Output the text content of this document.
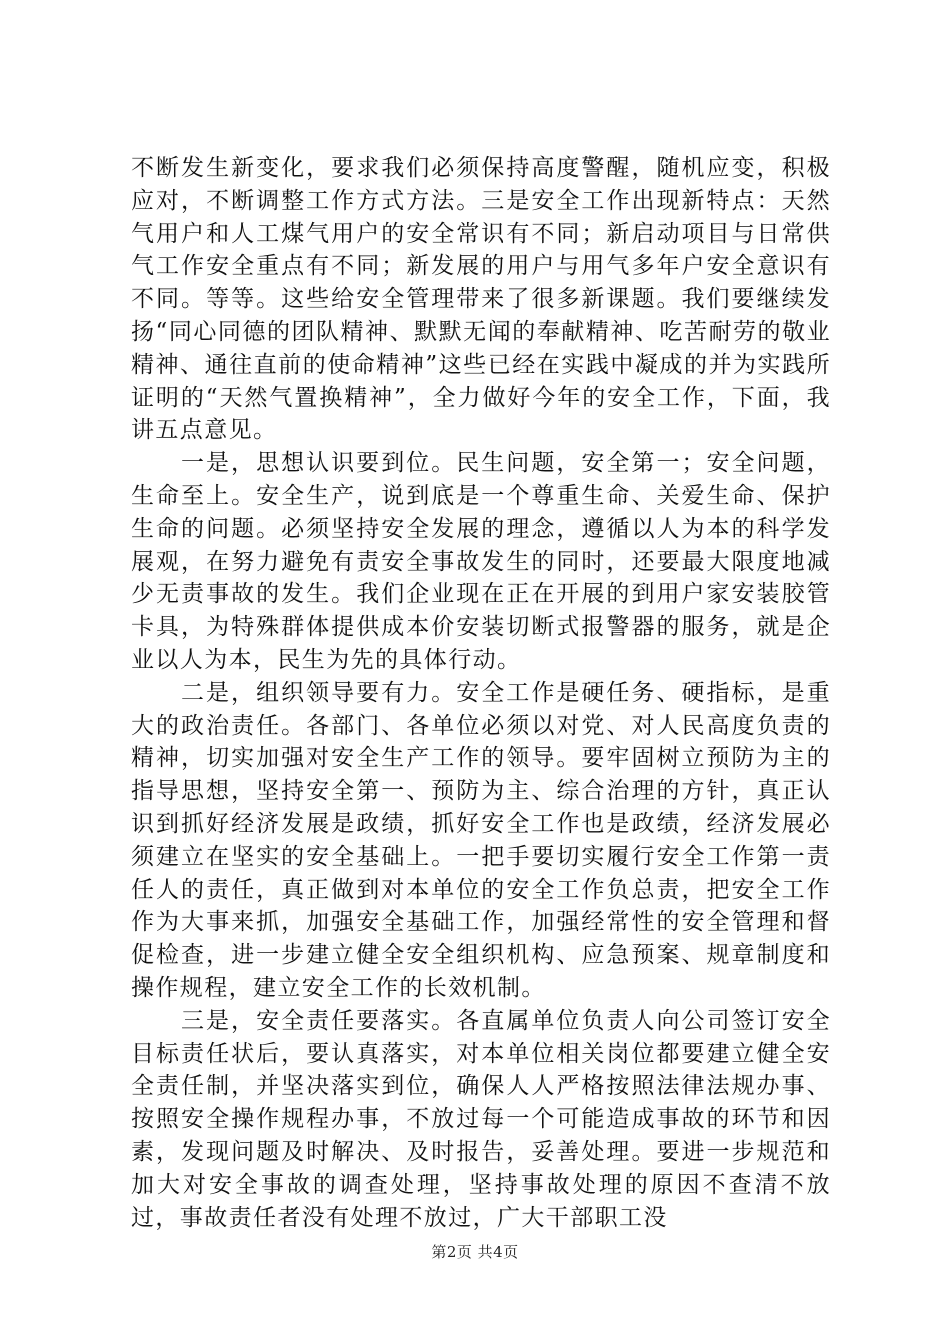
不断发生新变化，要求我们必须保持高度警醒，随机应变，积极应对，不断调整工作方式方法。三是安全工作出现新特点：天然气用户和人工煤气用户的安全常识有不同；新启动项目与日常供气工作安全重点有不同；新发展的用户与用气多年户安全意识有不同。等等。这些给安全管理带来了很多新课题。我们要继续发扬“同心同德的团队精神、默默无闻的奉献精神、吃苦耐劳的敬业精神、通往直前的使命精神”这些已经在实践中凝成的并为实践所证明的“天然气置换精神”，全力做好今年的安全工作，下面，我讲五点意见。

一是，思想认识要到位。民生问题，安全第一；安全问题，生命至上。安全生产，说到底是一个尊重生命、关爱生命、保护生命的问题。必须坚持安全发展的理念，遵循以人为本的科学发展观，在努力避免有责安全事故发生的同时，还要最大限度地减少无责事故的发生。我们企业现在正在开展的到用户家安装胶管卡具，为特殊群体提供成本价安装切断式报警器的服务，就是企业以人为本，民生为先的具体行动。

二是，组织领导要有力。安全工作是硬任务、硬指标，是重大的政治责任。各部门、各单位必须以对党、对人民高度负责的精神，切实加强对安全生产工作的领导。要牢固树立预防为主的指导思想，坚持安全第一、预防为主、综合治理的方针，真正认识到抓好经济发展是政绩，抓好安全工作也是政绩，经济发展必须建立在坚实的安全基础上。一把手要切实履行安全工作第一责任人的责任，真正做到对本单位的安全工作负总责，把安全工作作为大事来抓，加强安全基础工作，加强经常性的安全管理和督促检查，进一步建立健全安全组织机构、应急预案、规章制度和操作规程，建立安全工作的长效机制。

三是，安全责任要落实。各直属单位负责人向公司签订安全目标责任状后，要认真落实，对本单位相关岗位都要建立健全安全责任制，并坚决落实到位，确保人人严格按照法律法规办事、按照安全操作规程办事，不放过每一个可能造成事故的环节和因素，发现问题及时解决、及时报告，妥善处理。要进一步规范和加大对安全事故的调查处理，坚持事故处理的原因不查清不放过，事故责任者没有处理不放过，广大干部职工没

第2页 共4页
